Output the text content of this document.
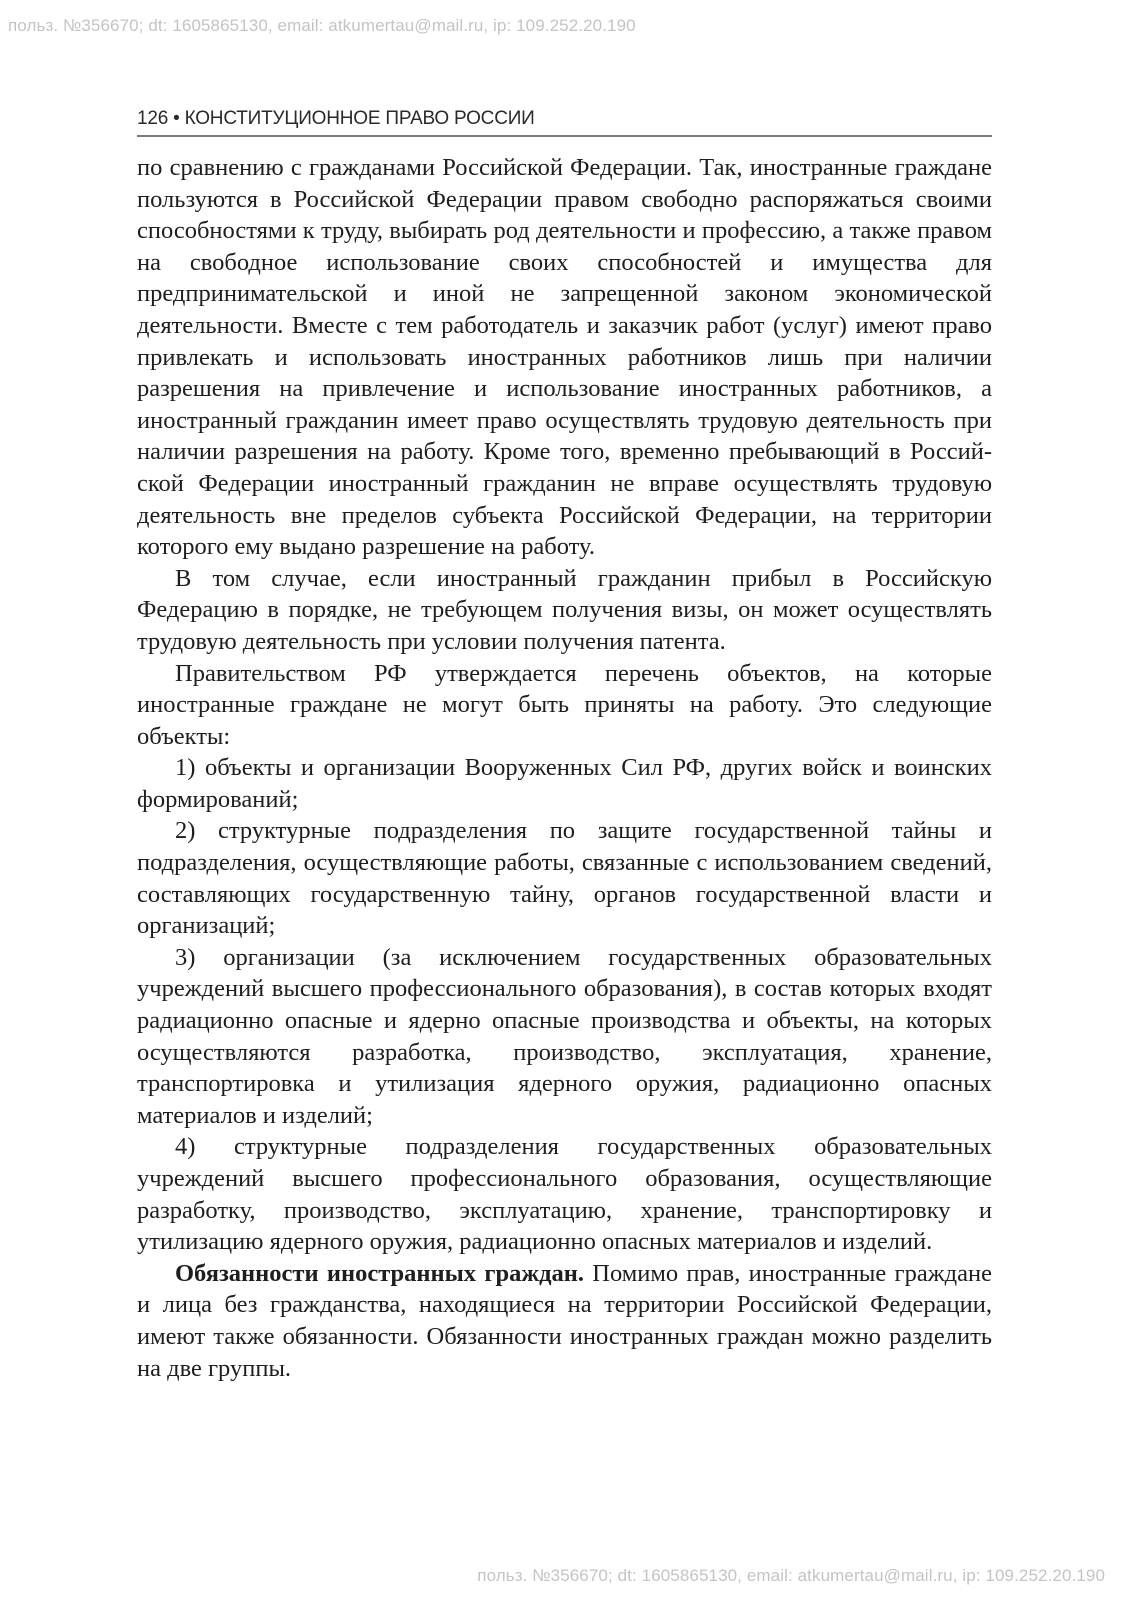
польз. №356670; dt: 1605865130, email: atkumertau@mail.ru, ip: 109.252.20.190
126 • КОНСТИТУЦИОННОЕ ПРАВО РОССИИ

по сравнению с гражданами Российской Федерации. Так, иностранные граждане пользуются в Российской Федерации правом свободно распоряжаться своими способностями к труду, выбирать род деятельности и профессию, а также правом на свободное использование своих способностей и имущества для предпринимательской и иной не запрещенной законом экономической деятельности. Вместе с тем работодатель и заказчик работ (услуг) имеют право привлекать и использовать иностранных работников лишь при наличии разрешения на привлечение и использование иностранных работников, а иностранный гражданин имеет право осуществлять трудовую деятельность при наличии разрешения на работу. Кроме того, временно пребывающий в Российской Федерации иностранный гражданин не вправе осуществлять трудовую деятельность вне пределов субъекта Российской Федерации, на территории которого ему выдано разрешение на работу.

В том случае, если иностранный гражданин прибыл в Российскую Федерацию в порядке, не требующем получения визы, он может осуществлять трудовую деятельность при условии получения патента.

Правительством РФ утверждается перечень объектов, на которые иностранные граждане не могут быть приняты на работу. Это следующие объекты:

1) объекты и организации Вооруженных Сил РФ, других войск и воинских формирований;

2) структурные подразделения по защите государственной тайны и подразделения, осуществляющие работы, связанные с использованием сведений, составляющих государственную тайну, органов государственной власти и организаций;

3) организации (за исключением государственных образовательных учреждений высшего профессионального образования), в состав которых входят радиационно опасные и ядерно опасные производства и объекты, на которых осуществляются разработка, производство, эксплуатация, хранение, транспортировка и утилизация ядерного оружия, радиационно опасных материалов и изделий;

4) структурные подразделения государственных образовательных учреждений высшего профессионального образования, осуществляющие разработку, производство, эксплуатацию, хранение, транспортировку и утилизацию ядерного оружия, радиационно опасных материалов и изделий.

Обязанности иностранных граждан. Помимо прав, иностранные граждане и лица без гражданства, находящиеся на территории Российской Федерации, имеют также обязанности. Обязанности иностранных граждан можно разделить на две группы.

польз. №356670; dt: 1605865130, email: atkumertau@mail.ru, ip: 109.252.20.190
